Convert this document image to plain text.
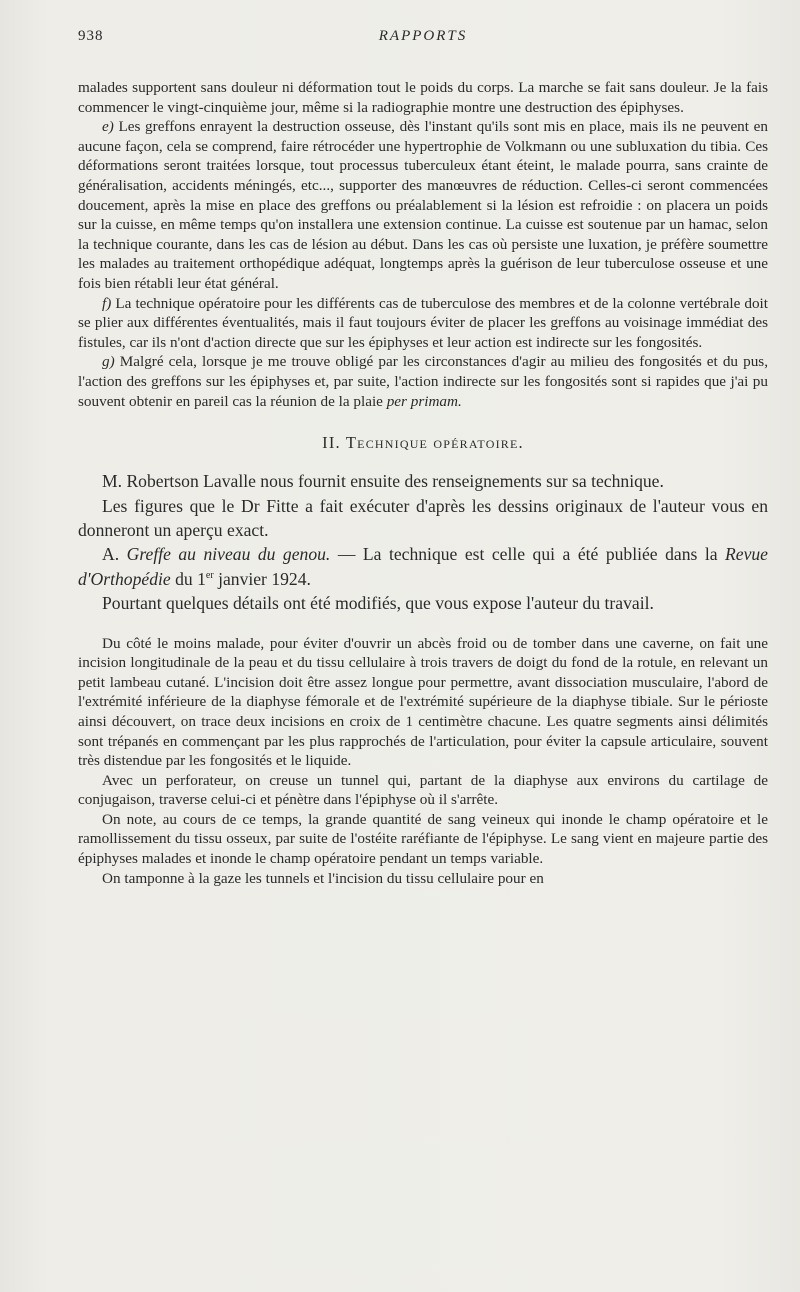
938	RAPPORTS

malades supportent sans douleur ni déformation tout le poids du corps. La marche se fait sans douleur. Je la fais commencer le vingt-cinquième jour, même si la radiographie montre une destruction des épiphyses.

e) Les greffons enrayent la destruction osseuse, dès l'instant qu'ils sont mis en place, mais ils ne peuvent en aucune façon, cela se comprend, faire rétrocéder une hypertrophie de Volkmann ou une subluxation du tibia. Ces déformations seront traitées lorsque, tout processus tuberculeux étant éteint, le malade pourra, sans crainte de généralisation, accidents méningés, etc..., supporter des manœuvres de réduction. Celles-ci seront commencées doucement, après la mise en place des greffons ou préalablement si la lésion est refroidie : on placera un poids sur la cuisse, en même temps qu'on installera une extension continue. La cuisse est soutenue par un hamac, selon la technique courante, dans les cas de lésion au début. Dans les cas où persiste une luxation, je préfère soumettre les malades au traitement orthopédique adéquat, longtemps après la guérison de leur tuberculose osseuse et une fois bien rétabli leur état général.

f) La technique opératoire pour les différents cas de tuberculose des membres et de la colonne vertébrale doit se plier aux différentes éventualités, mais il faut toujours éviter de placer les greffons au voisinage immédiat des fistules, car ils n'ont d'action directe que sur les épiphyses et leur action est indirecte sur les fongosités.

g) Malgré cela, lorsque je me trouve obligé par les circonstances d'agir au milieu des fongosités et du pus, l'action des greffons sur les épiphyses et, par suite, l'action indirecte sur les fongosités sont si rapides que j'ai pu souvent obtenir en pareil cas la réunion de la plaie per primam.

II. Technique opératoire.

M. Robertson Lavalle nous fournit ensuite des renseignements sur sa technique.

Les figures que le Dr Fitte a fait exécuter d'après les dessins originaux de l'auteur vous en donneront un aperçu exact.

A. Greffe au niveau du genou. — La technique est celle qui a été publiée dans la Revue d'Orthopédie du 1er janvier 1924.

Pourtant quelques détails ont été modifiés, que vous expose l'auteur du travail.

Du côté le moins malade, pour éviter d'ouvrir un abcès froid ou de tomber dans une caverne, on fait une incision longitudinale de la peau et du tissu cellulaire à trois travers de doigt du fond de la rotule, en relevant un petit lambeau cutané. L'incision doit être assez longue pour permettre, avant dissociation musculaire, l'abord de l'extrémité inférieure de la diaphyse fémorale et de l'extrémité supérieure de la diaphyse tibiale. Sur le périoste ainsi découvert, on trace deux incisions en croix de 1 centimètre chacune. Les quatre segments ainsi délimités sont trépanés en commençant par les plus rapprochés de l'articulation, pour éviter la capsule articulaire, souvent très distendue par les fongosités et le liquide.

Avec un perforateur, on creuse un tunnel qui, partant de la diaphyse aux environs du cartilage de conjugaison, traverse celui-ci et pénètre dans l'épiphyse où il s'arrête.

On note, au cours de ce temps, la grande quantité de sang veineux qui inonde le champ opératoire et le ramollissement du tissu osseux, par suite de l'ostéite raréfiante de l'épiphyse. Le sang vient en majeure partie des épiphyses malades et inonde le champ opératoire pendant un temps variable.

On tamponne à la gaze les tunnels et l'incision du tissu cellulaire pour en
